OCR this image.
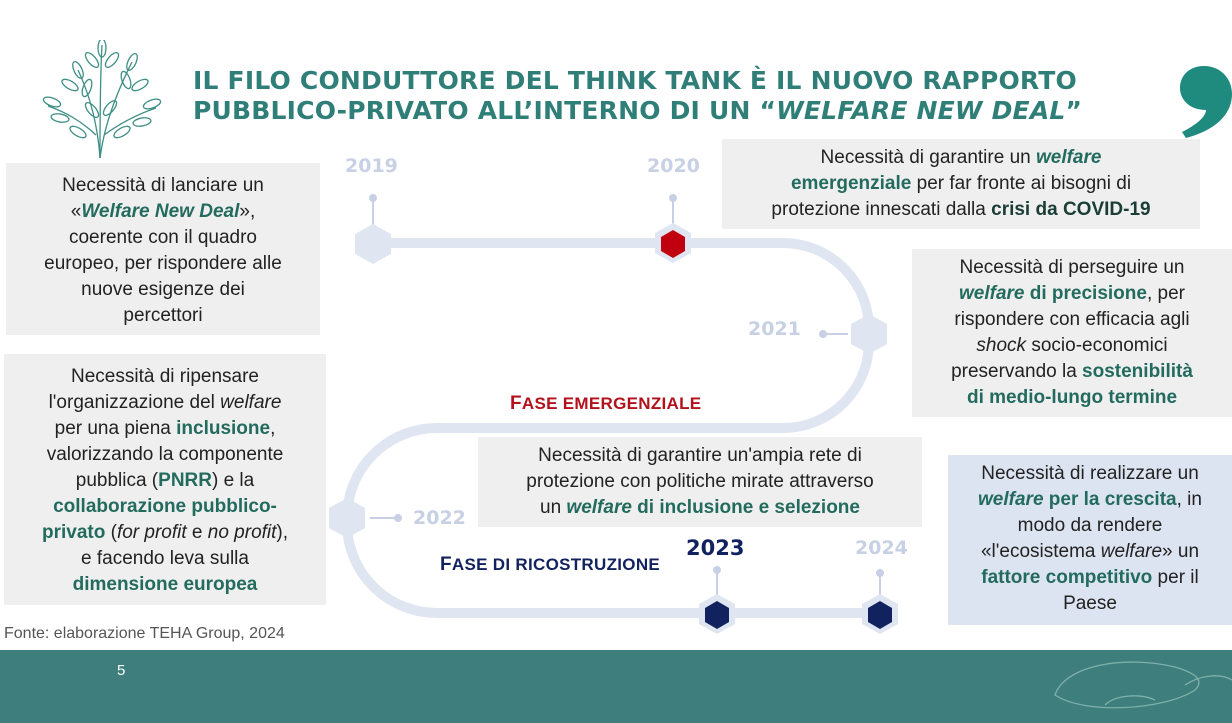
IL FILO CONDUTTORE DEL THINK TANK È IL NUOVO RAPPORTO
PUBBLICO-PRIVATO ALL’INTERNO DI UN “WELFARE NEW DEAL”
2019	2020
2021
2022
2023	2024
FASE EMERGENZIALE
FASE DI RICOSTRUZIONE
Necessità di lanciare un
«Welfare New Deal»,
coerente con il quadro
europeo, per rispondere alle
nuove esigenze dei
percettori
Necessità di garantire un welfare
emergenziale per far fronte ai bisogni di
protezione innescati dalla crisi da COVID-19
Necessità di perseguire un
welfare di precisione, per
rispondere con efficacia agli
shock socio-economici
preservando la sostenibilità
di medio-lungo termine
Necessità di ripensare
l'organizzazione del welfare
per una piena inclusione,
valorizzando la componente
pubblica (PNRR) e la
collaborazione pubblico-
privato (for profit e no profit),
e facendo leva sulla
dimensione europea
Necessità di garantire un'ampia rete di
protezione con politiche mirate attraverso
un welfare di inclusione e selezione
Necessità di realizzare un
welfare per la crescita, in
modo da rendere
«l'ecosistema welfare» un
fattore competitivo per il
Paese
Fonte: elaborazione TEHA Group, 2024
5
